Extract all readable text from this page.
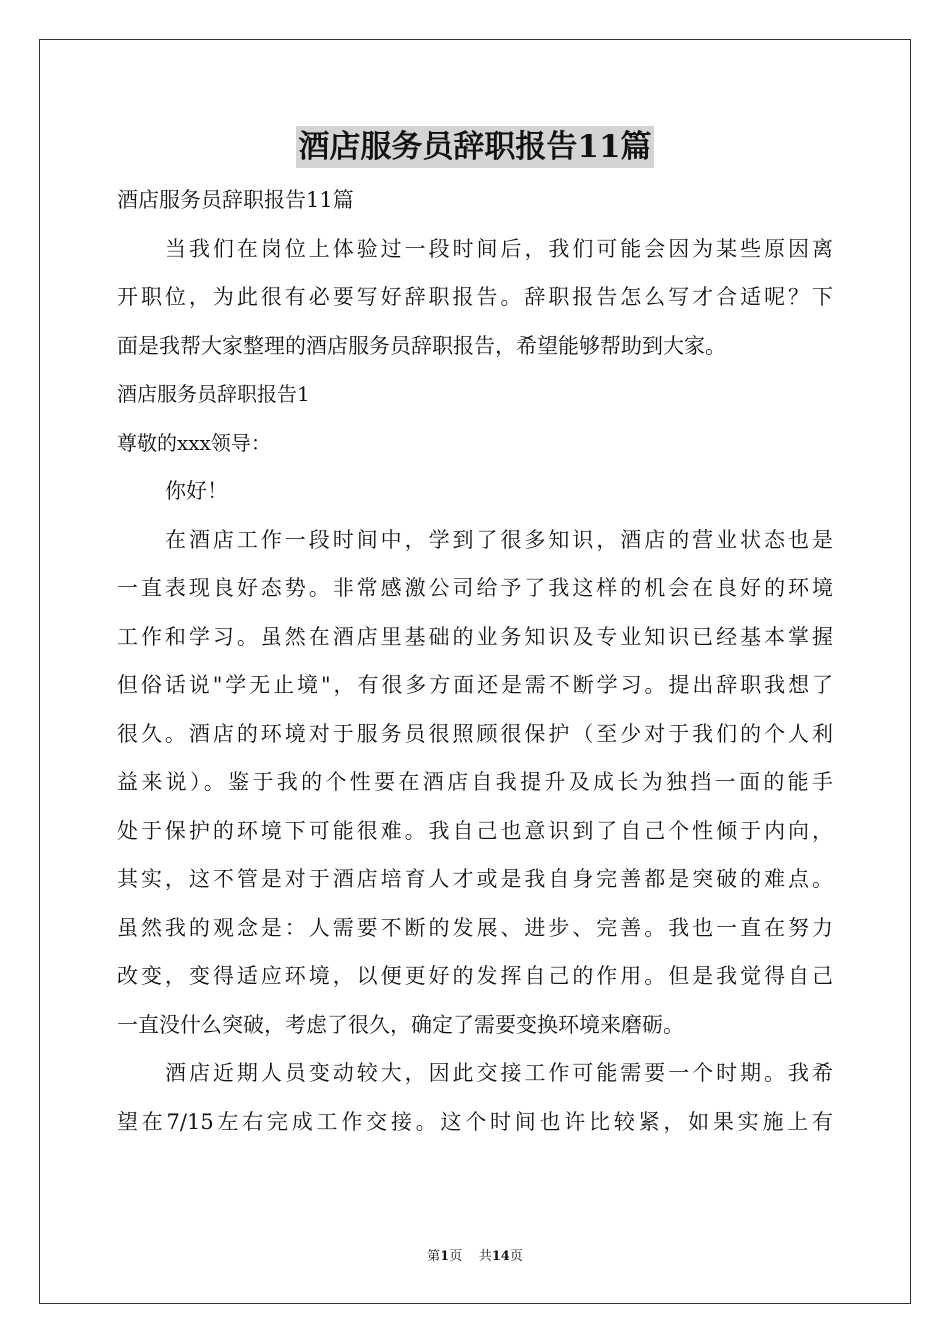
酒店服务员辞职报告11篇
酒店服务员辞职报告11篇
当我们在岗位上体验过一段时间后，我们可能会因为某些原因离
开职位，为此很有必要写好辞职报告。辞职报告怎么写才合适呢？下
面是我帮大家整理的酒店服务员辞职报告，希望能够帮助到大家。
酒店服务员辞职报告1
尊敬的xxx领导：
你好！
在酒店工作一段时间中，学到了很多知识，酒店的营业状态也是
一直表现良好态势。非常感激公司给予了我这样的机会在良好的环境
工作和学习。虽然在酒店里基础的业务知识及专业知识已经基本掌握
但俗话说"学无止境"，有很多方面还是需不断学习。提出辞职我想了
很久。酒店的环境对于服务员很照顾很保护（至少对于我们的个人利
益来说）。鉴于我的个性要在酒店自我提升及成长为独挡一面的能手
处于保护的环境下可能很难。我自己也意识到了自己个性倾于内向，
其实，这不管是对于酒店培育人才或是我自身完善都是突破的难点。
虽然我的观念是：人需要不断的发展、进步、完善。我也一直在努力
改变，变得适应环境，以便更好的发挥自己的作用。但是我觉得自己
一直没什么突破，考虑了很久，确定了需要变换环境来磨砺。
酒店近期人员变动较大，因此交接工作可能需要一个时期。我希
望在7/15左右完成工作交接。这个时间也许比较紧，如果实施上有
第1页 共14页
